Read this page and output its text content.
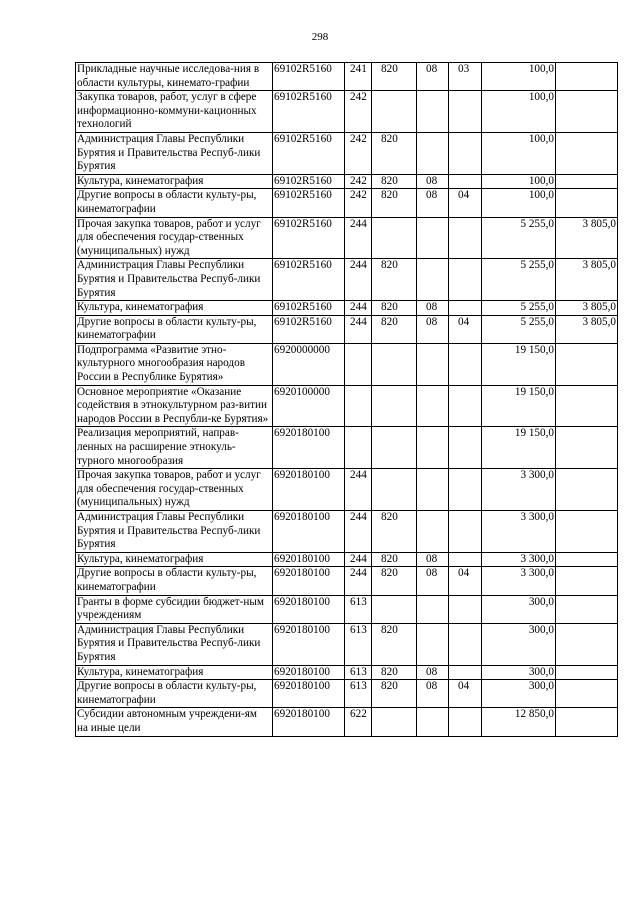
298
Прикладные научные исследова-ния в области культуры, кинемато-графии	69102R5160	241	820	08	03	100,0	
Закупка товаров, работ, услуг в сфере информационно-коммуни-кационных технологий	69102R5160	242				100,0	
Администрация Главы Республики Бурятия и Правительства Респуб-лики Бурятия	69102R5160	242	820			100,0	
Культура, кинематография	69102R5160	242	820	08		100,0	
Другие вопросы в области культу-ры, кинематографии	69102R5160	242	820	08	04	100,0	
Прочая закупка товаров, работ и услуг для обеспечения государ-ственных (муниципальных) нужд	69102R5160	244				5 255,0	3 805,0
Администрация Главы Республики Бурятия и Правительства Респуб-лики Бурятия	69102R5160	244	820			5 255,0	3 805,0
Культура, кинематография	69102R5160	244	820	08		5 255,0	3 805,0
Другие вопросы в области культу-ры, кинематографии	69102R5160	244	820	08	04	5 255,0	3 805,0
Подпрограмма «Развитие этно-культурного многообразия народов России в Республике Бурятия»	6920000000					19 150,0	
Основное мероприятие «Оказание содействия в этнокультурном раз-витии народов России в Республи-ке Бурятия»	6920100000					19 150,0	
Реализация мероприятий, направ-ленных на расширение этнокуль-турного многообразия	6920180100					19 150,0	
Прочая закупка товаров, работ и услуг для обеспечения государ-ственных (муниципальных) нужд	6920180100	244				3 300,0	
Администрация Главы Республики Бурятия и Правительства Респуб-лики Бурятия	6920180100	244	820			3 300,0	
Культура, кинематография	6920180100	244	820	08		3 300,0	
Другие вопросы в области культу-ры, кинематографии	6920180100	244	820	08	04	3 300,0	
Гранты в форме субсидии бюджет-ным учреждениям	6920180100	613				300,0	
Администрация Главы Республики Бурятия и Правительства Респуб-лики Бурятия	6920180100	613	820			300,0	
Культура, кинематография	6920180100	613	820	08		300,0	
Другие вопросы в области культу-ры, кинематографии	6920180100	613	820	08	04	300,0	
Субсидии автономным учреждени-ям на иные цели	6920180100	622				12 850,0	
